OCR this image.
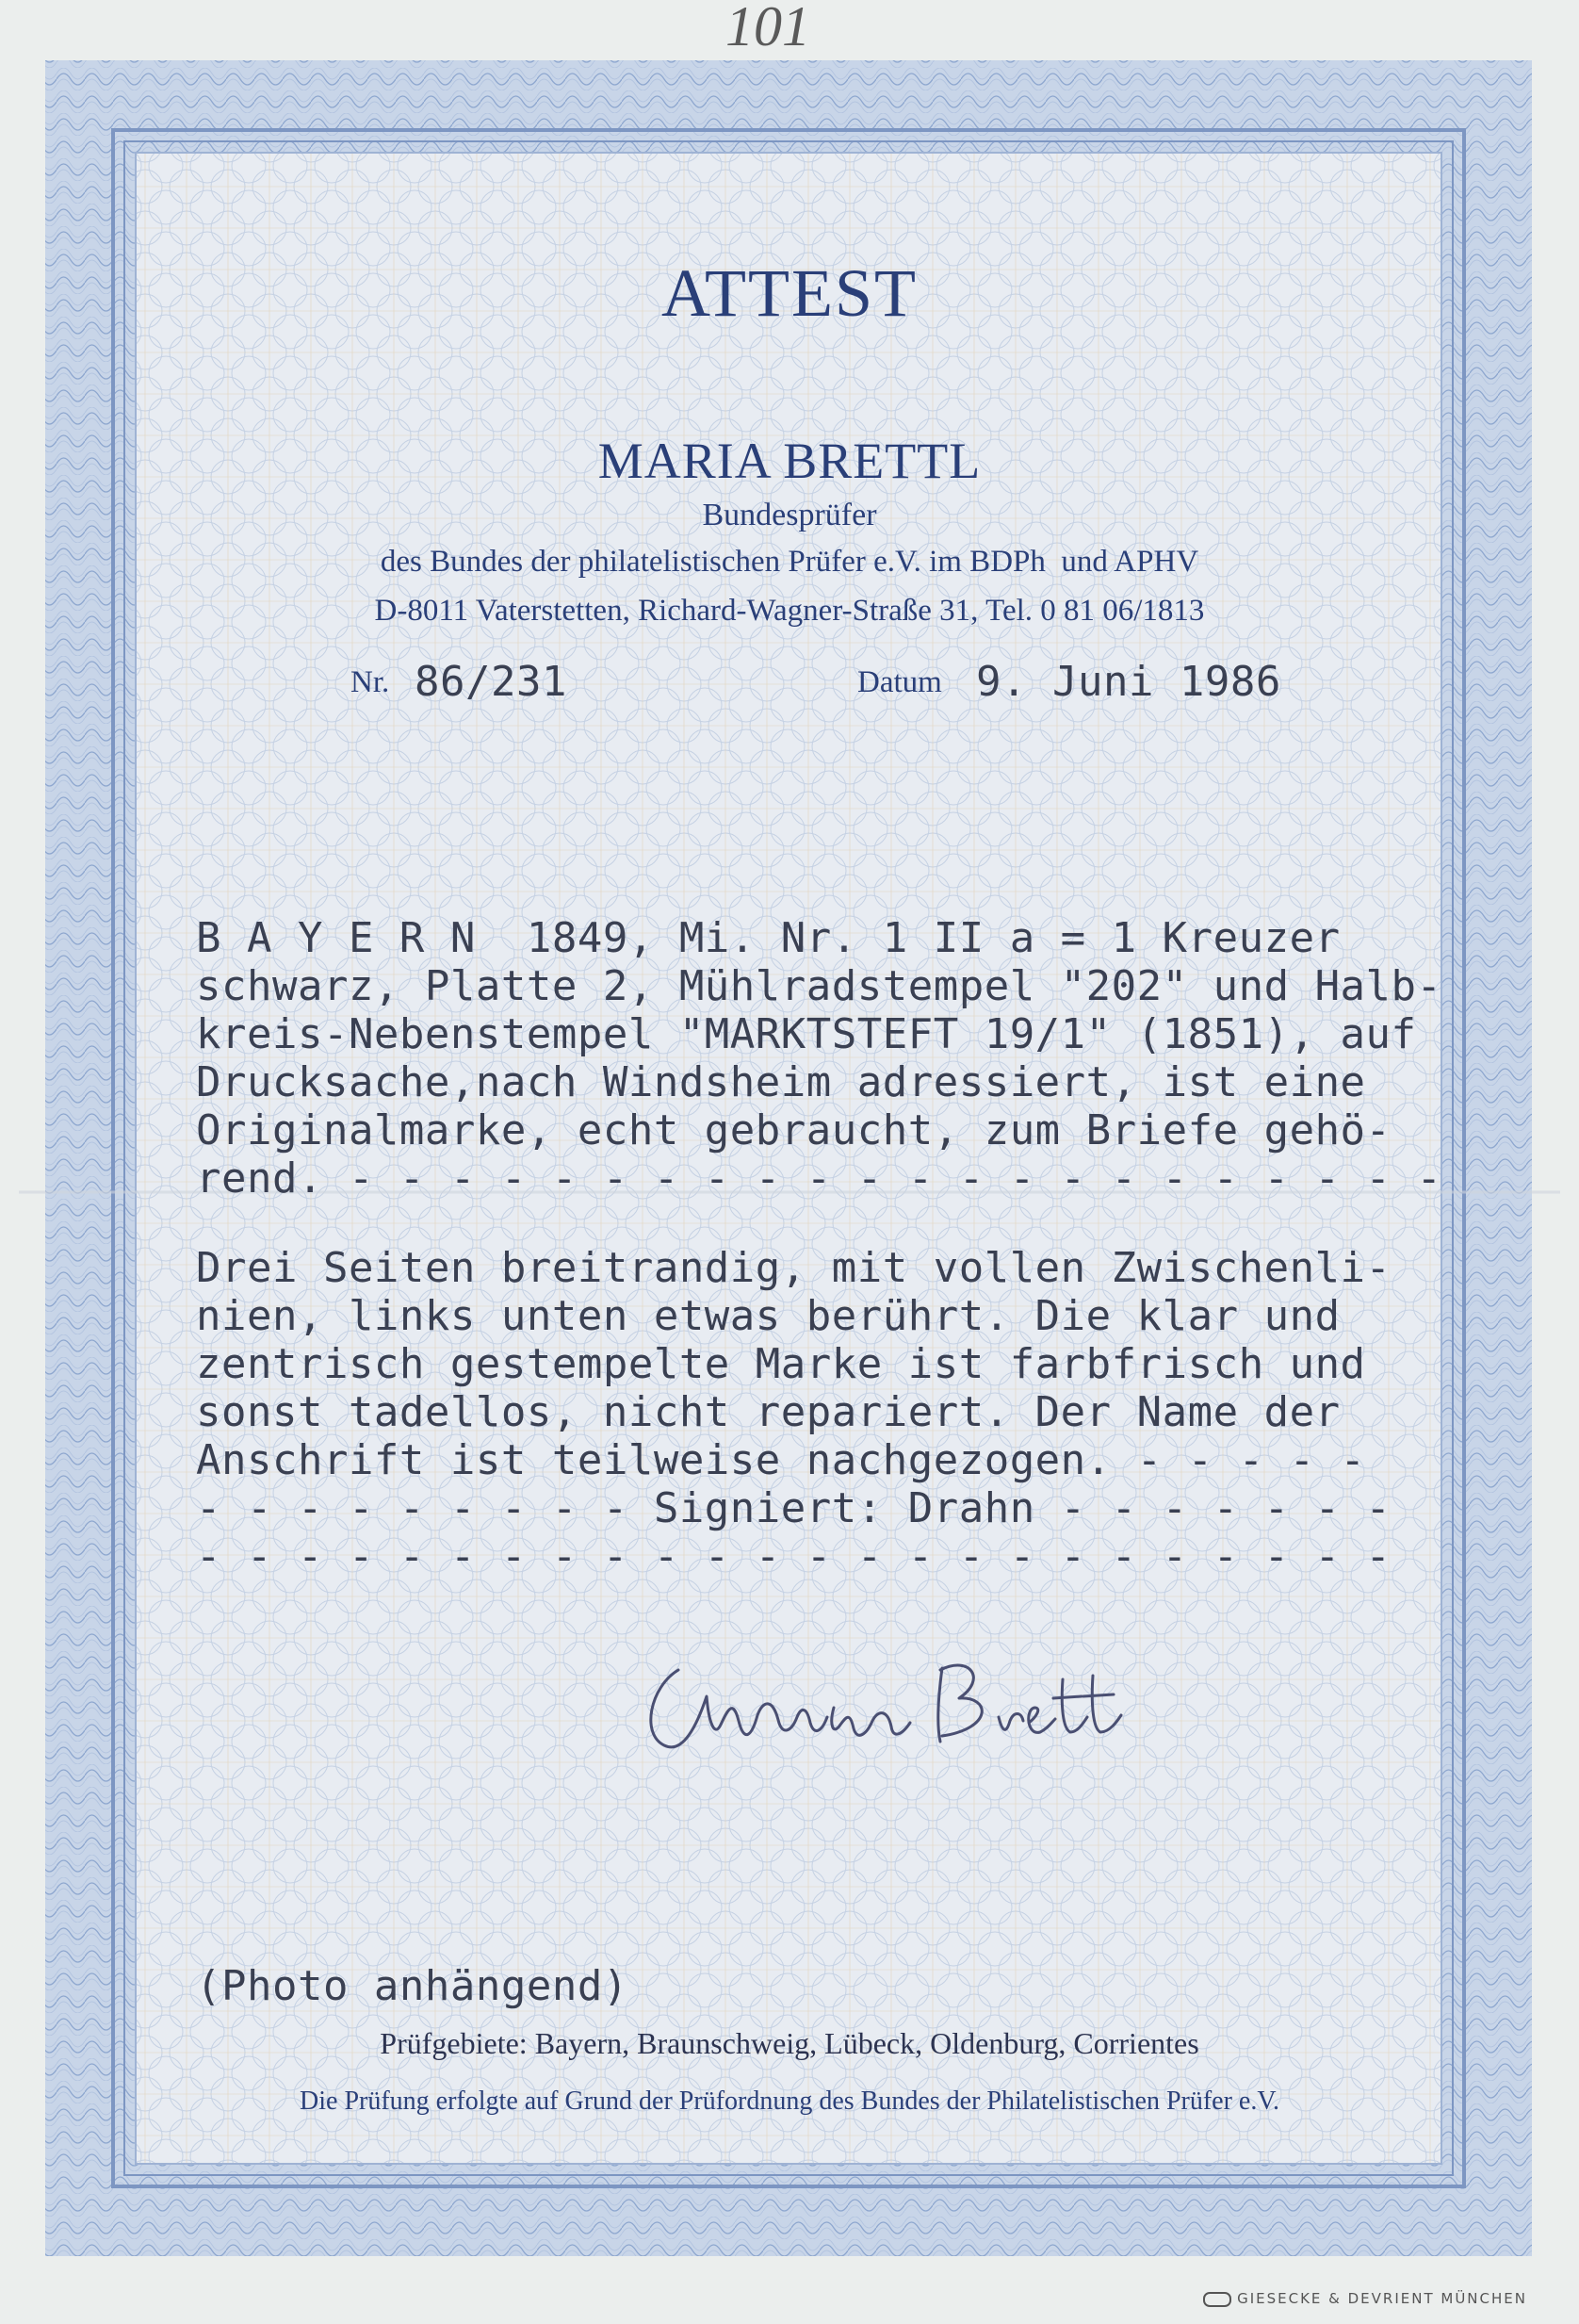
101
ATTEST
MARIA BRETTL
Bundesprüfer
des Bundes der philatelistischen Prüfer e.V. im BDPh  und APHV
D-8011 Vaterstetten, Richard-Wagner-Straße 31, Tel. 0 81 06/1813
Nr. 86/231	Datum 9. Juni 1986
B A Y E R N  1849, Mi. Nr. 1 II a = 1 Kreuzer
schwarz, Platte 2, Mühlradstempel "202" und Halb-
kreis-Nebenstempel "MARKTSTEFT 19/1" (1851), auf
Drucksache,nach Windsheim adressiert, ist eine
Originalmarke, echt gebraucht, zum Briefe gehö-
rend. - - - - - - - - - - - - - - - - - - - - - -
Drei Seiten breitrandig, mit vollen Zwischenli-
nien, links unten etwas berührt. Die klar und
zentrisch gestempelte Marke ist farbfrisch und
sonst tadellos, nicht repariert. Der Name der
Anschrift ist teilweise nachgezogen. - - - - -
- - - - - - - - - Signiert: Drahn - - - - - - -
- - - - - - - - - - - - - - - - - - - - - - - -
(Photo anhängend)
Prüfgebiete: Bayern, Braunschweig, Lübeck, Oldenburg, Corrientes
Die Prüfung erfolgte auf Grund der Prüfordnung des Bundes der Philatelistischen Prüfer e.V.

GIESECKE & DEVRIENT MÜNCHEN
